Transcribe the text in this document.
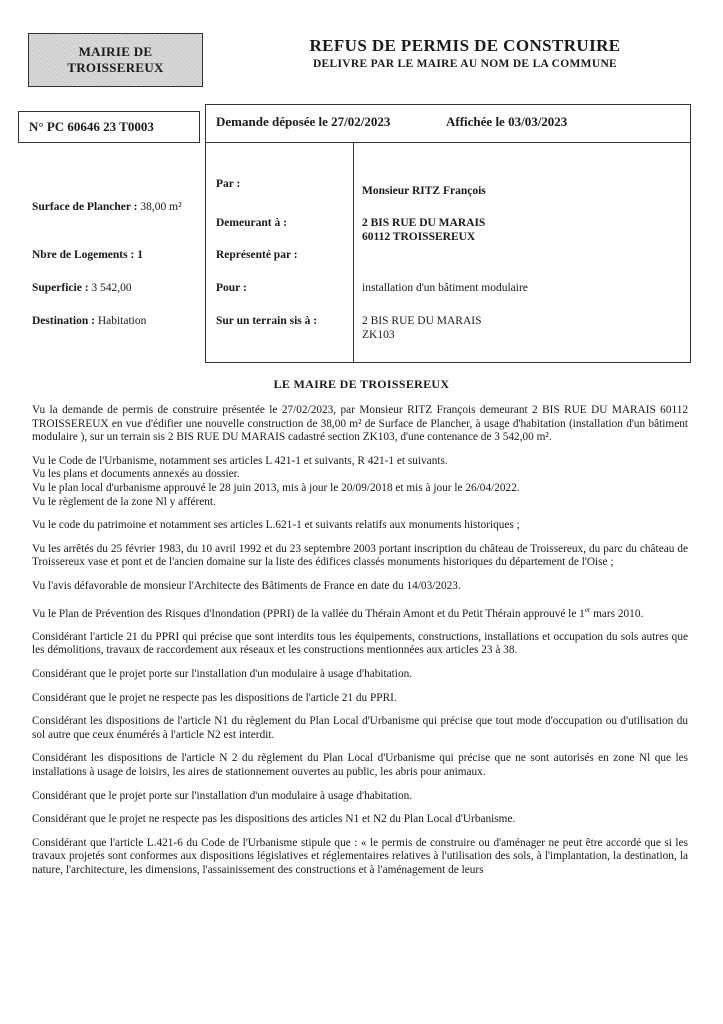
MAIRIE DE
TROISSEREUX
REFUS DE PERMIS DE CONSTRUIRE
DELIVRE PAR LE MAIRE AU NOM DE LA COMMUNE
N° PC 60646 23 T0003	Demande déposée le 27/02/2023	Affichée le 03/03/2023
Surface de Plancher : 38,00 m²
Nbre de Logements : 1
Superficie : 3 542,00
Destination : Habitation
Par :
Demeurant à :
Représenté par :
Pour :
Sur un terrain sis à :
Monsieur RITZ François
2 BIS RUE DU MARAIS
60112 TROISSEREUX
installation d'un bâtiment modulaire
2 BIS RUE DU MARAIS
ZK103
LE MAIRE DE TROISSEREUX

Vu la demande de permis de construire présentée le 27/02/2023, par Monsieur RITZ François demeurant 2 BIS RUE DU MARAIS 60112 TROISSEREUX en vue d'édifier une nouvelle construction de 38,00 m² de Surface de Plancher, à usage d'habitation (installation d'un bâtiment modulaire ), sur un terrain sis 2 BIS RUE DU MARAIS cadastré section ZK103, d'une contenance de 3 542,00 m².

Vu le Code de l'Urbanisme, notamment ses articles L 421-1 et suivants, R 421-1 et suivants.

Vu les plans et documents annexés au dossier.

Vu le plan local d'urbanisme approuvé le 28 juin 2013, mis à jour le 20/09/2018 et mis à jour le 26/04/2022.

Vu le règlement de la zone Nl y afférent.

Vu le code du patrimoine et notamment ses articles L.621-1 et suivants relatifs aux monuments historiques ;

Vu les arrêtés du 25 février 1983, du 10 avril 1992 et du 23 septembre 2003 portant inscription du château de Troissereux, du parc du château de Troissereux vase et pont et de l'ancien domaine sur la liste des édifices classés monuments historiques du département de l'Oise ;

Vu l'avis défavorable de monsieur l'Architecte des Bâtiments de France en date du 14/03/2023.

Vu le Plan de Prévention des Risques d'Inondation (PPRI) de la vallée du Thérain Amont et du Petit Thérain approuvé le 1er mars 2010.

Considérant l'article 21 du PPRI qui précise que sont interdits tous les équipements, constructions, installations et occupation du sols autres que les démolitions, travaux de raccordement aux réseaux et les constructions mentionnées aux articles 23 à 38.

Considérant que le projet porte sur l'installation d'un modulaire à usage d'habitation.

Considérant que le projet ne respecte pas les dispositions de l'article 21 du PPRI.

Considérant les dispositions de l'article N1 du règlement du Plan Local d'Urbanisme qui précise que tout mode d'occupation ou d'utilisation du sol autre que ceux énumérés à l'article N2 est interdit.

Considérant les dispositions de l'article N 2 du règlement du Plan Local d'Urbanisme qui précise que ne sont autorisés en zone Nl que les installations à usage de loisirs, les aires de stationnement ouvertes au public, les abris pour animaux.

Considérant que le projet porte sur l'installation d'un modulaire à usage d'habitation.

Considérant que le projet ne respecte pas les dispositions des articles N1 et N2 du Plan Local d'Urbanisme.

Considérant que l'article L.421-6 du Code de l'Urbanisme stipule que : « le permis de construire ou d'aménager ne peut être accordé que si les travaux projetés sont conformes aux dispositions législatives et réglementaires relatives à l'utilisation des sols, à l'implantation, la destination, la nature, l'architecture, les dimensions, l'assainissement des constructions et à l'aménagement de leurs
